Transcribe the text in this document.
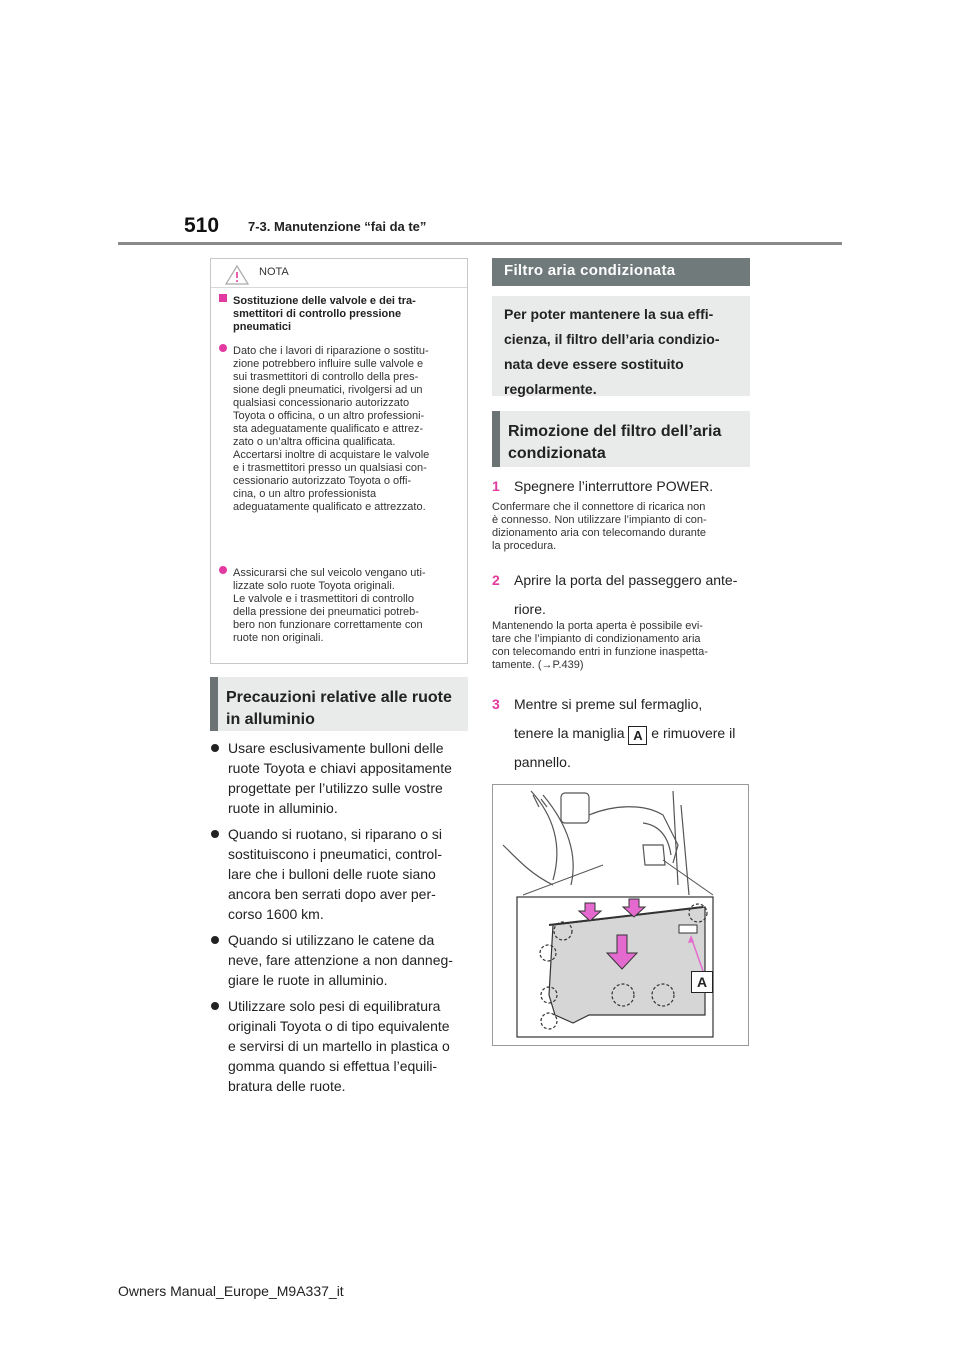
510 7-3. Manutenzione “fai da te”
NOTA
Sostituzione delle valvole e dei tra-
smettitori di controllo pressione
pneumatici
Dato che i lavori di riparazione o sostitu-
zione potrebbero influire sulle valvole e
sui trasmettitori di controllo della pres-
sione degli pneumatici, rivolgersi ad un
qualsiasi concessionario autorizzato
Toyota o officina, o un altro professioni-
sta adeguatamente qualificato e attrez-
zato o un’altra officina qualificata.
Accertarsi inoltre di acquistare le valvole
e i trasmettitori presso un qualsiasi con-
cessionario autorizzato Toyota o offi-
cina, o un altro professionista
adeguatamente qualificato e attrezzato.
Assicurarsi che sul veicolo vengano uti-
lizzate solo ruote Toyota originali.
Le valvole e i trasmettitori di controllo
della pressione dei pneumatici potreb-
bero non funzionare correttamente con
ruote non originali.
Precauzioni relative alle ruote
in alluminio
Usare esclusivamente bulloni delle
ruote Toyota e chiavi appositamente
progettate per l’utilizzo sulle vostre
ruote in alluminio.
Quando si ruotano, si riparano o si
sostituiscono i pneumatici, control-
lare che i bulloni delle ruote siano
ancora ben serrati dopo aver per-
corso 1600 km.
Quando si utilizzano le catene da
neve, fare attenzione a non danneg-
giare le ruote in alluminio.
Utilizzare solo pesi di equilibratura
originali Toyota o di tipo equivalente
e servirsi di un martello in plastica o
gomma quando si effettua l’equili-
bratura delle ruote.
Filtro aria condizionata
Per poter mantenere la sua effi-
cienza, il filtro dell’aria condizio-
nata deve essere sostituito
regolarmente.
Rimozione del filtro dell’aria
condizionata
1	Spegnere l’interruttore POWER.
Confermare che il connettore di ricarica non
è connesso. Non utilizzare l’impianto di con-
dizionamento aria con telecomando durante
la procedura.
2	Aprire la porta del passeggero ante-
riore.
Mantenendo la porta aperta è possibile evi-
tare che l’impianto di condizionamento aria
con telecomando entri in funzione inaspetta-
tamente. (→P.439)
3	Mentre si preme sul fermaglio,
tenere la maniglia A e rimuovere il
pannello.
A
Owners Manual_Europe_M9A337_it
